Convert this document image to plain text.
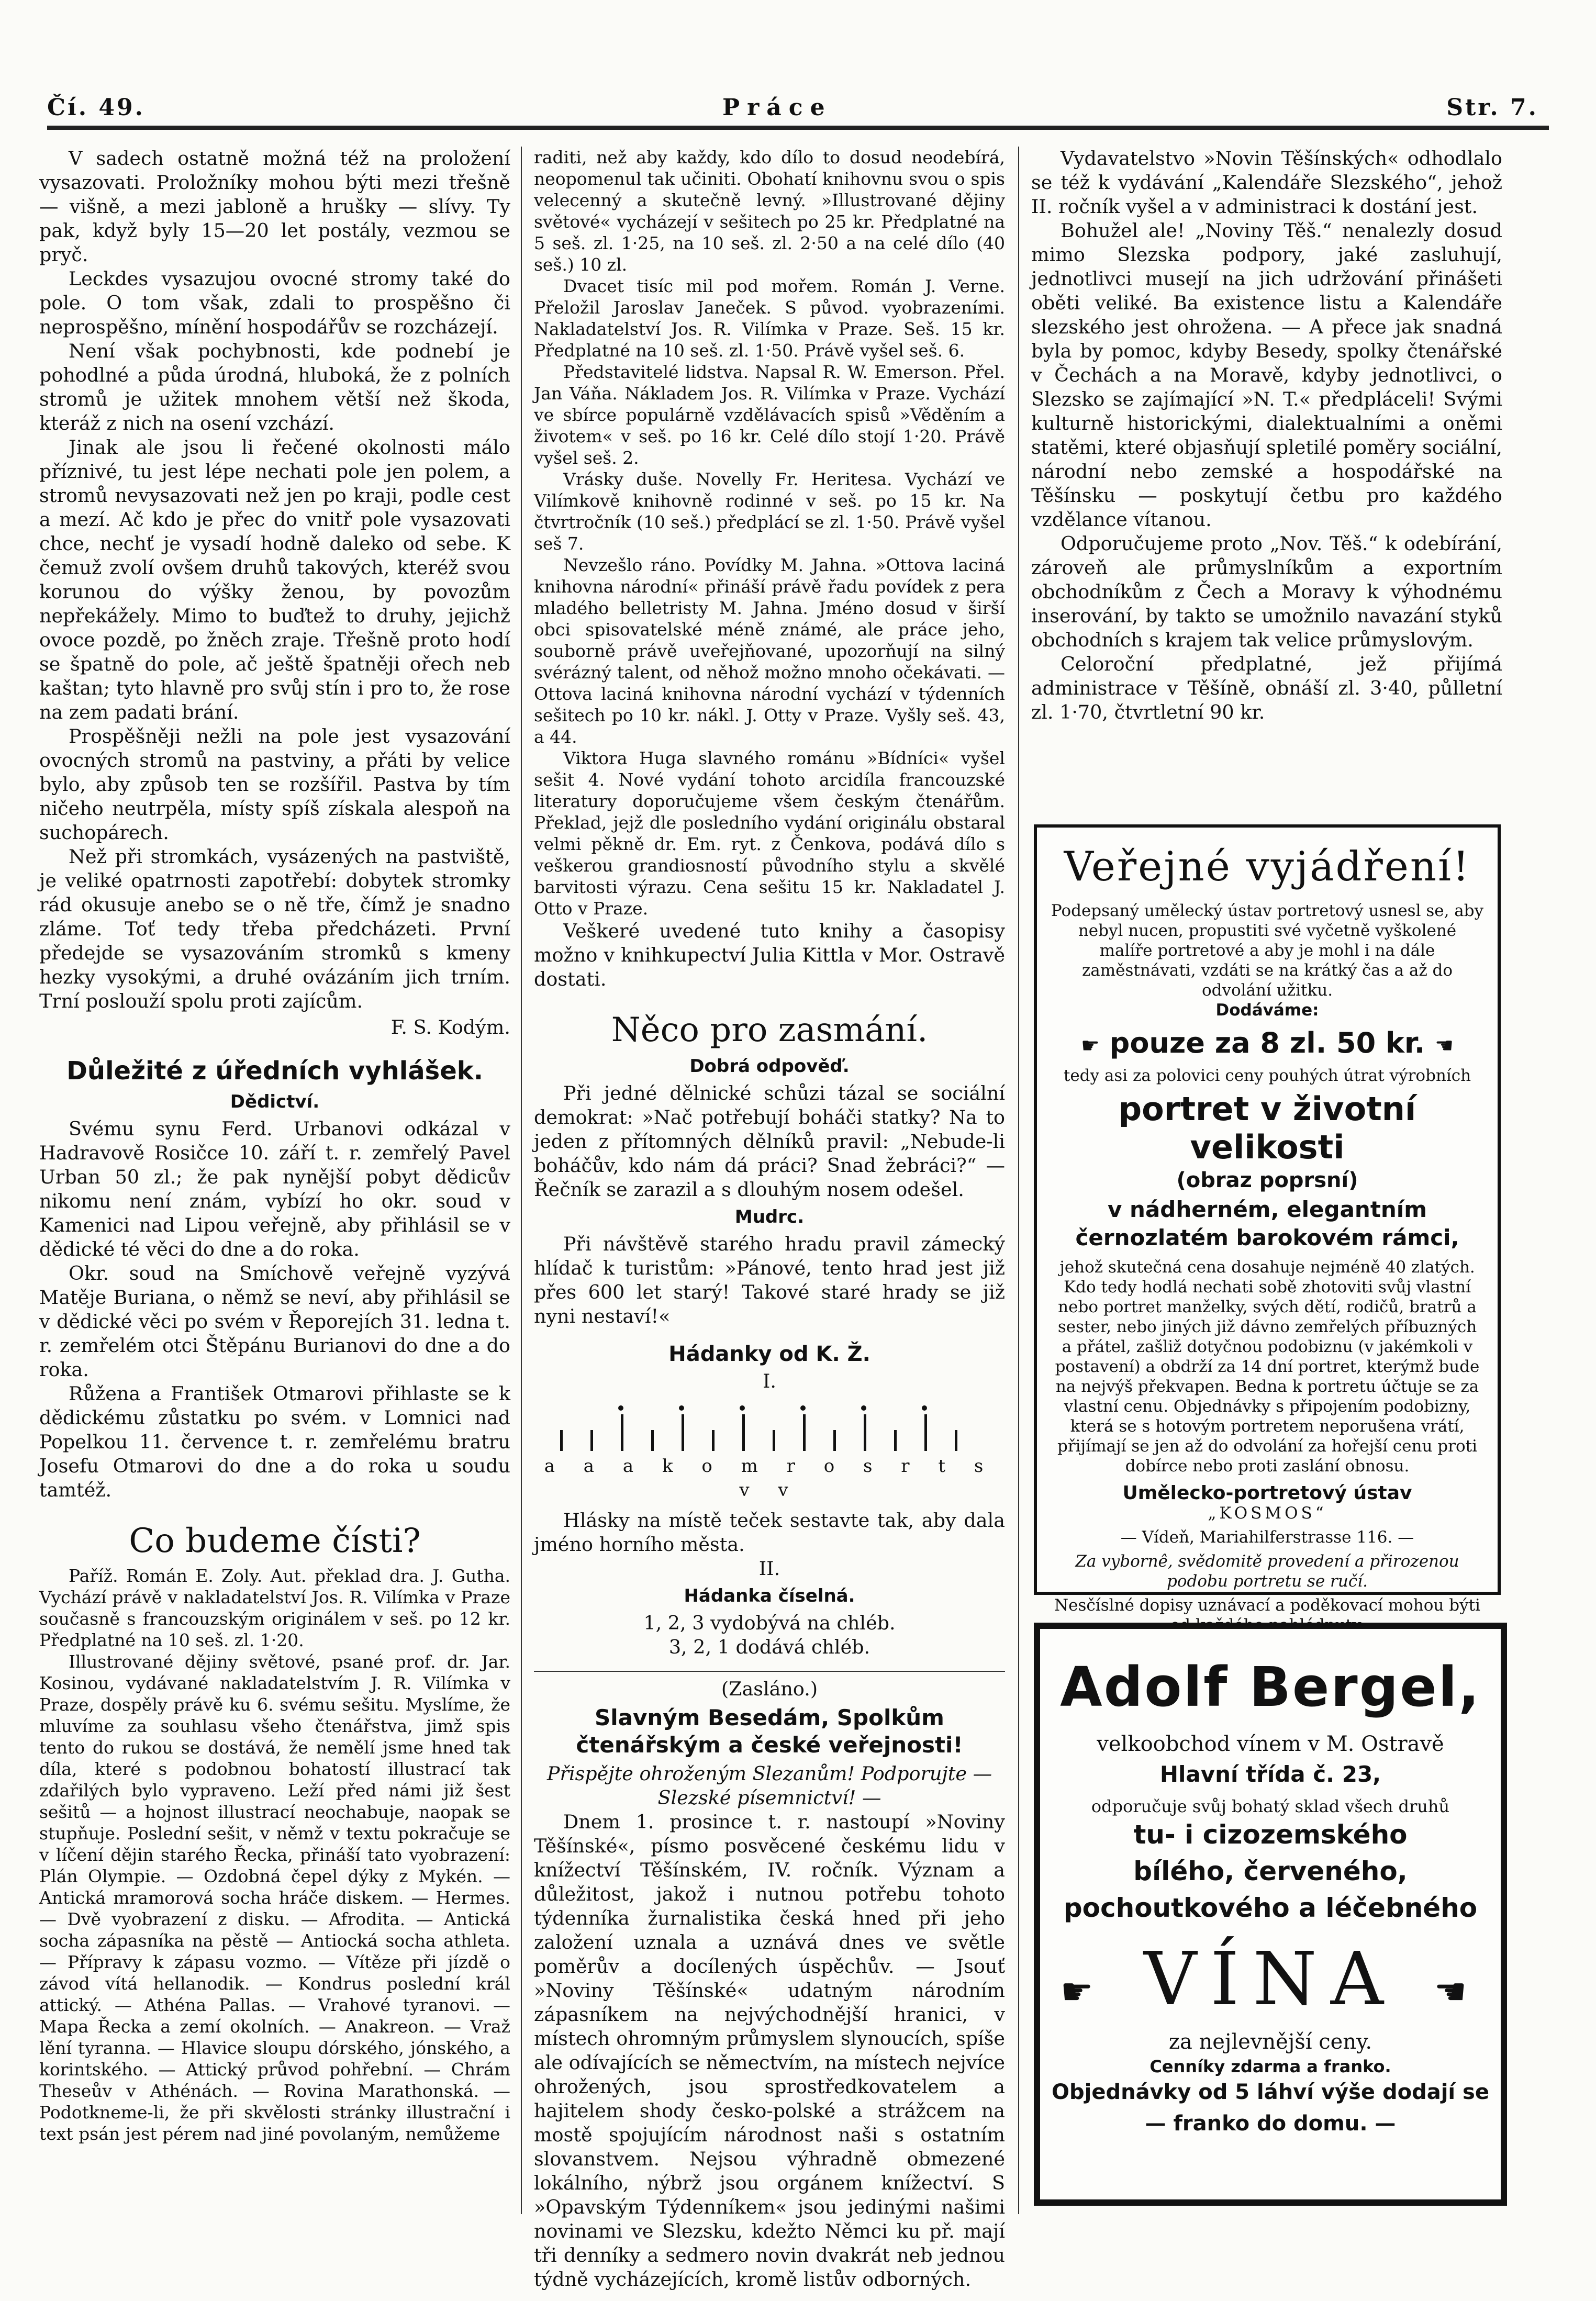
Čí. 49.	Práce	Str. 7.

V sadech ostatně možná též na proložení vysazovati. Proložníky mohou býti mezi třešně — višně, a mezi jabloně a hrušky — slívy. Ty pak, když byly 15—20 let postály, vezmou se pryč.

Leckdes vysazujou ovocné stromy také do pole. O tom však, zdali to prospěšno či neprospěšno, mínění hospodářův se rozcházejí.

Není však pochybnosti, kde podnebí je pohodlné a půda úrodná, hluboká, že z polních stromů je užitek mnohem větší než škoda, kteráž z nich na osení vzchází.

Jinak ale jsou li řečené okolnosti málo příznivé, tu jest lépe nechati pole jen polem, a stromů nevysazovati než jen po kraji, podle cest a mezí. Ač kdo je přec do vnitř pole vysazovati chce, nechť je vysadí hodně daleko od sebe. K čemuž zvolí ovšem druhů takových, kteréž svou korunou do výšky ženou, by povozům nepřekážely. Mimo to buďtež to druhy, jejichž ovoce pozdě, po žněch zraje. Třešně proto hodí se špatně do pole, ač ještě špatněji ořech neb kaštan; tyto hlavně pro svůj stín i pro to, že rose na zem padati brání.

Prospěšněji nežli na pole jest vysazování ovocných stromů na pastviny, a přáti by velice bylo, aby způsob ten se rozšířil. Pastva by tím ničeho neutrpěla, místy spíš získala alespoň na suchopárech.

Než při stromkách, vysázených na pastviště, je veliké opatrnosti zapotřebí: dobytek stromky rád okusuje anebo se o ně tře, čímž je snadno zláme. Toť tedy třeba předcházeti. První předejde se vysazováním stromků s kmeny hezky vysokými, a druhé ovázáním jich trním. Trní poslouží spolu proti zajícům.

F. S. Kodým.

Důležité z úředních vyhlášek.
Dědictví.

Svému synu Ferd. Urbanovi odkázal v Hadravově Rosičce 10. září t. r. zemřelý Pavel Urban 50 zl.; že pak nynější pobyt dědicův nikomu není znám, vybízí ho okr. soud v Kamenici nad Lipou veřejně, aby přihlásil se v dědické té věci do dne a do roka.

Okr. soud na Smíchově veřejně vyzývá Matěje Buriana, o němž se neví, aby přihlásil se v dědické věci po svém v Řeporejích 31. ledna t. r. zemřelém otci Štěpánu Burianovi do dne a do roka.

Růžena a František Otmarovi přihlaste se k dědickému zůstatku po svém. v Lomnici nad Popelkou 11. července t. r. zemřelému bratru Josefu Otmarovi do dne a do roka u soudu tamtéž.

Co budeme čísti?

Paříž. Román E. Zoly. Aut. překlad dra. J. Gutha. Vychází právě v nakladatelství Jos. R. Vilímka v Praze současně s francouzským originálem v seš. po 12 kr. Předplatné na 10 seš. zl. 1·20.

Illustrované dějiny světové, psané prof. dr. Jar. Kosinou, vydávané nakladatelstvím J. R. Vilímka v Praze, dospěly právě ku 6. svému sešitu. Myslíme, že mluvíme za souhlasu všeho čtenářstva, jimž spis tento do rukou se dostává, že nemělí jsme hned tak díla, které s podobnou bohatostí illustrací tak zdařilých bylo vypraveno. Leží před námi již šest sešitů — a hojnost illustrací neochabuje, naopak se stupňuje. Poslední sešit, v němž v textu pokračuje se v líčení dějin starého Řecka, přináší tato vyobrazení: Plán Olympie. — Ozdobná čepel dýky z Mykén. — Antická mramorová socha hráče diskem. — Hermes. — Dvě vyobrazení z disku. — Afrodita. — Antická socha zápasníka na pěstě — Antiocká socha athleta. — Přípravy k zápasu vozmo. — Vítěze při jízdě o závod vítá hellanodik. — Kondrus poslední král attický. — Athéna Pallas. — Vrahové tyranovi. — Mapa Řecka a zemí okolních. — Anakreon. — Vraž lění tyranna. — Hlavice sloupu dórského, jónského, a korintského. — Attický průvod pohřební. — Chrám Theseův v Athénách. — Rovina Marathonská. — Podotkneme-li, že při skvělosti stránky illustrační i text psán jest pérem nad jiné povolaným, nemůžeme

raditi, než aby každy, kdo dílo to dosud neodebírá, neopomenul tak učiniti. Obohatí knihovnu svou o spis velecenný a skutečně levný. »Illustrované dějiny světové« vycházejí v sešitech po 25 kr. Předplatné na 5 seš. zl. 1·25, na 10 seš. zl. 2·50 a na celé dílo (40 seš.) 10 zl.

Dvacet tisíc mil pod mořem. Román J. Verne. Přeložil Jaroslav Janeček. S původ. vyobrazeními. Nakladatelství Jos. R. Vilímka v Praze. Seš. 15 kr. Předplatné na 10 seš. zl. 1·50. Právě vyšel seš. 6.

Představitelé lidstva. Napsal R. W. Emerson. Přel. Jan Váňa. Nákladem Jos. R. Vilímka v Praze. Vychází ve sbírce populárně vzdělávacích spisů »Věděním a životem« v seš. po 16 kr. Celé dílo stojí 1·20. Právě vyšel seš. 2.

Vrásky duše. Novelly Fr. Heritesa. Vychází ve Vilímkově knihovně rodinné v seš. po 15 kr. Na čtvrtročník (10 seš.) předplácí se zl. 1·50. Právě vyšel seš 7.

Nevzešlo ráno. Povídky M. Jahna. »Ottova laciná knihovna národní« přináší právě řadu povídek z pera mladého belletristy M. Jahna. Jméno dosud v širší obci spisovatelské méně známé, ale práce jeho, souborně právě uveřejňované, upozorňují na silný svérázný talent, od něhož možno mnoho očekávati. — Ottova laciná knihovna národní vychází v týdenních sešitech po 10 kr. nákl. J. Otty v Praze. Vyšly seš. 43, a 44.

Viktora Huga slavného románu »Bídníci« vyšel sešit 4. Nové vydání tohoto arcidíla francouzské literatury doporučujeme všem českým čtenářům. Překlad, jejž dle posledního vydání originálu obstaral velmi pěkně dr. Em. ryt. z Čenkova, podává dílo s veškerou grandiosností původního stylu a skvělé barvitosti výrazu. Cena sešitu 15 kr. Nakladatel J. Otto v Praze.

Veškeré uvedené tuto knihy a časopisy možno v knihkupectví Julia Kittla v Mor. Ostravě dostati.

Něco pro zasmání.
Dobrá odpověď.

Při jedné dělnické schůzi tázal se sociální demokrat: »Nač potřebují boháči statky? Na to jeden z přítomných dělníků pravil: „Nebude-li boháčův, kdo nám dá práci? Snad žebráci?“ — Řečník se zarazil a s dlouhým nosem odešel.

Mudrc.

Při návštěvě starého hradu pravil zámecký hlídač k turistům: »Pánové, tento hrad jest již přes 600 let starý! Takové staré hrady se již nyni nestaví!«

Hádanky od K. Ž.
I.
a a a k o m r o s r t s v v

Hlásky na místě teček sestavte tak, aby dala jméno horního města.

II.
Hádanka číselná.
1, 2, 3 vydobývá na chléb.
3, 2, 1 dodává chléb.
(Zasláno.)
Slavným Besedám, Spolkům čtenářským a české veřejnosti!
Přispějte ohroženým Slezanům! Podporujte — Slezské písemnictví! —

Dnem 1. prosince t. r. nastoupí »Noviny Těšínské«, písmo posvěcené českému lidu v knížectví Těšínském, IV. ročník. Význam a důležitost, jakož i nutnou potřebu tohoto týdenníka žurnalistika česká hned při jeho založení uznala a uznává dnes ve světle poměrův a docílených úspěchův. — Jsouť »Noviny Těšínské« udatným národním zápasníkem na nejvýchodnější hranici, v místech ohromným průmyslem slynoucích, spíše ale odívajících se němectvím, na místech nejvíce ohrožených, jsou sprostředkovatelem a hajitelem shody česko-polské a strážcem na mostě spojujícím národnost naši s ostatním slovanstvem. Nejsou výhradně obmezené lokálního, nýbrž jsou orgánem knížectví. S »Opavským Týdenníkem« jsou jedinými našimi novinami ve Slezsku, kdežto Němci ku př. mají tři denníky a sedmero novin dvakrát neb jednou týdně vycházejících, kromě listův odborných.

Vydavatelstvo »Novin Těšínských« odhodlalo se též k vydávání „Kalendáře Slezského“, jehož II. ročník vyšel a v administraci k dostání jest.

Bohužel ale! „Noviny Těš.“ nenalezly dosud mimo Slezska podpory, jaké zasluhují, jednotlivci musejí na jich udržování přinášeti oběti veliké. Ba existence listu a Kalendáře slezského jest ohrožena. — A přece jak snadná byla by pomoc, kdyby Besedy, spolky čtenářské v Čechách a na Moravě, kdyby jednotlivci, o Slezsko se zajímající »N. T.« předpláceli! Svými kulturně historickými, dialektualními a oněmi statěmi, které objasňují spletilé poměry sociální, národní nebo zemské a hospodářské na Těšínsku — poskytují četbu pro každého vzdělance vítanou.

Odporučujeme proto „Nov. Těš.“ k odebírání, zároveň ale průmyslníkům a exportním obchodníkům z Čech a Moravy k výhodnému inserování, by takto se umožnilo navazání styků obchodních s krajem tak velice průmyslovým.

Celoroční předplatné, jež přijímá administrace v Těšíně, obnáší zl. 3·40, půlletní zl. 1·70, čtvrtletní 90 kr.

Veřejné vyjádření!
Podepsaný umělecký ústav portretový usnesl se, aby nebyl nucen, propustiti své vyčetně vyškolené malíře portretové a aby je mohl i na dále zaměstnávati, vzdáti se na krátký čas a až do odvolání užitku.
Dodáváme:
☛ pouze za 8 zl. 50 kr. ☚
tedy asi za polovici ceny pouhých útrat výrobních
portret v životní velikosti
(obraz poprsní)
v nádherném, elegantním černozlatém barokovém rámci,
jehož skutečná cena dosahuje nejméně 40 zlatých. Kdo tedy hodlá nechati sobě zhotoviti svůj vlastní nebo portret manželky, svých dětí, rodičů, bratrů a sester, nebo jiných již dávno zemřelých příbuzných a přátel, zašliž dotyčnou podobiznu (v jakémkoli v postavení) a obdrží za 14 dní portret, kterýmž bude na nejvýš překvapen. Bedna k portretu účtuje se za vlastní cenu. Objednávky s připojením podobizny, která se s hotovým portretem neporušena vrátí, přijímají se jen až do odvolání za hořejší cenu proti dobírce nebo proti zaslání obnosu.
Umělecko-portretový ústav
„KOSMOS“
— Vídeň, Mariahilferstrasse 116. —
Za vybornê, svědomitě provedení a přirozenou podobu portretu se ručí.
Nesčíslné dopisy uznávací a poděkovací mohou býti
Adolf Bergel,
velkoobchod vínem v M. Ostravě
Hlavní třída č. 23,
odporučuje svůj bohatý sklad všech druhů
tu- i cizozemského
bílého, červeného, pochoutkového a léčebného
☛ VÍNA ☚
za nejlevnější ceny.
Cenníky zdarma a franko.
Objednávky od 5 láhví výše dodají se
— franko do domu. —
